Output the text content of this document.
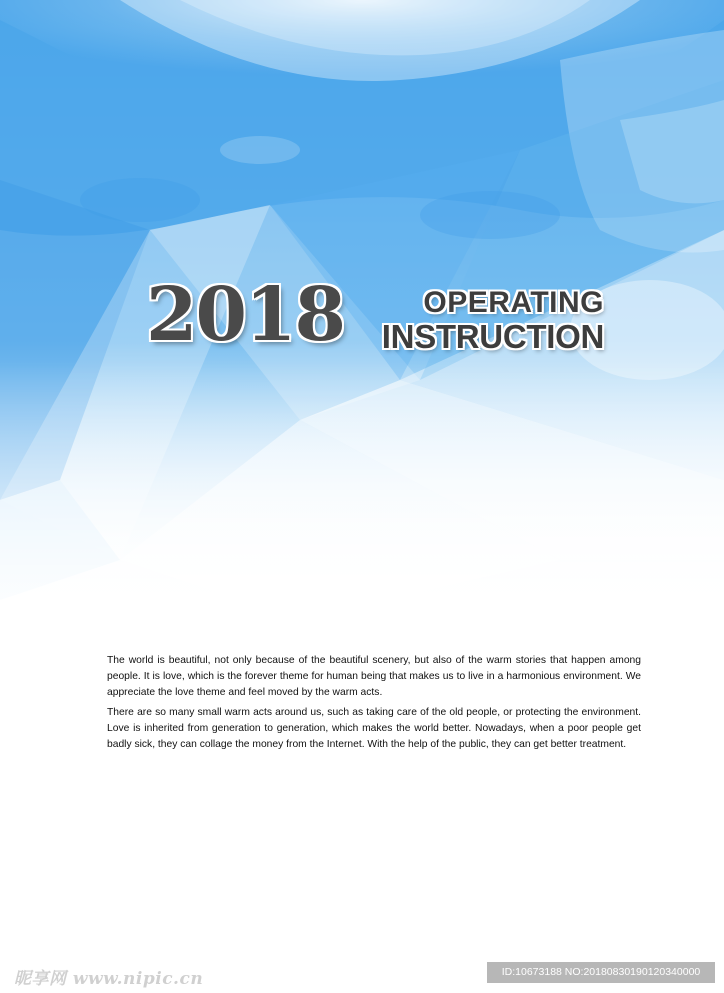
2018	OPERATING
INSTRUCTION

The world is beautiful, not only because of the beautiful scenery, but also of the warm stories that happen among people. It is love, which is the forever theme for human being that makes us to live in a harmonious environment. We appreciate the love theme and feel moved by the warm acts.

There are so many small warm acts around us, such as taking care of the old people, or protecting the environment. Love is inherited from generation to generation, which makes the world better. Nowadays, when a poor people get badly sick, they can collage the money from the Internet. With the help of the public, they can get better treatment.

昵享网 www.nipic.cn	ID:10673188 NO:20180830190120340000
